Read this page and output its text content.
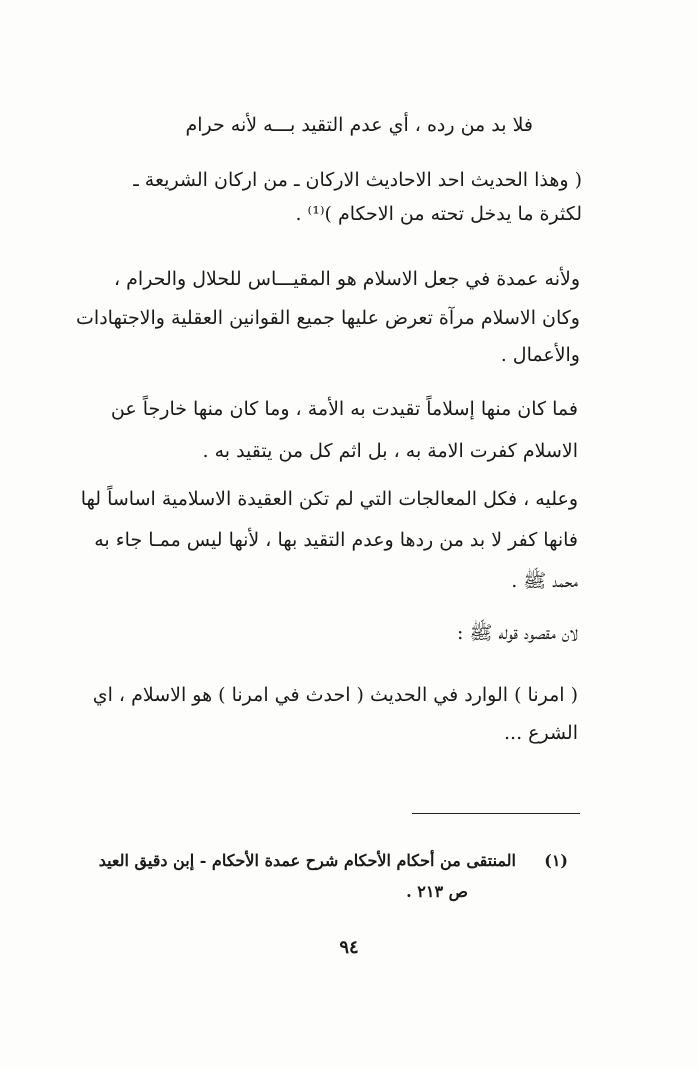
فلا بد من رده ، أي عدم التقيد بـــه لأنه حرام
( وهذا الحديث احد الاحاديث الاركان ـ من اركان الشريعة ـ
لكثرة ما يدخل تحته من الاحكام )⁽¹⁾ .
ولأنه عمدة في جعل الاسلام هو المقيـــاس للحلال والحرام ،
وكان الاسلام مرآة تعرض عليها جميع القوانين العقلية والاجتهادات
والأعمال .
فما كان منها إسلاماً تقيدت به الأمة ، وما كان منها خارجاً عن
الاسلام كفرت الامة به ، بل اثم كل من يتقيد به .
وعليه ، فكل المعالجات التي لم تكن العقيدة الاسلامية اساساً لها
فانها كفر لا بد من ردها وعدم التقيد بها ، لأنها ليس ممـا جاء به
محمد ﷺ .
لان مقصود قوله ﷺ :
( امرنا ) الوارد في الحديث ( احدث في امرنا ) هو الاسلام ، اي
الشرع ...
(١)
المنتقى من أحكام الأحكام شرح عمدة الأحكام - إبن دقيق العيد
ص ٢١٣ .
٩٤
